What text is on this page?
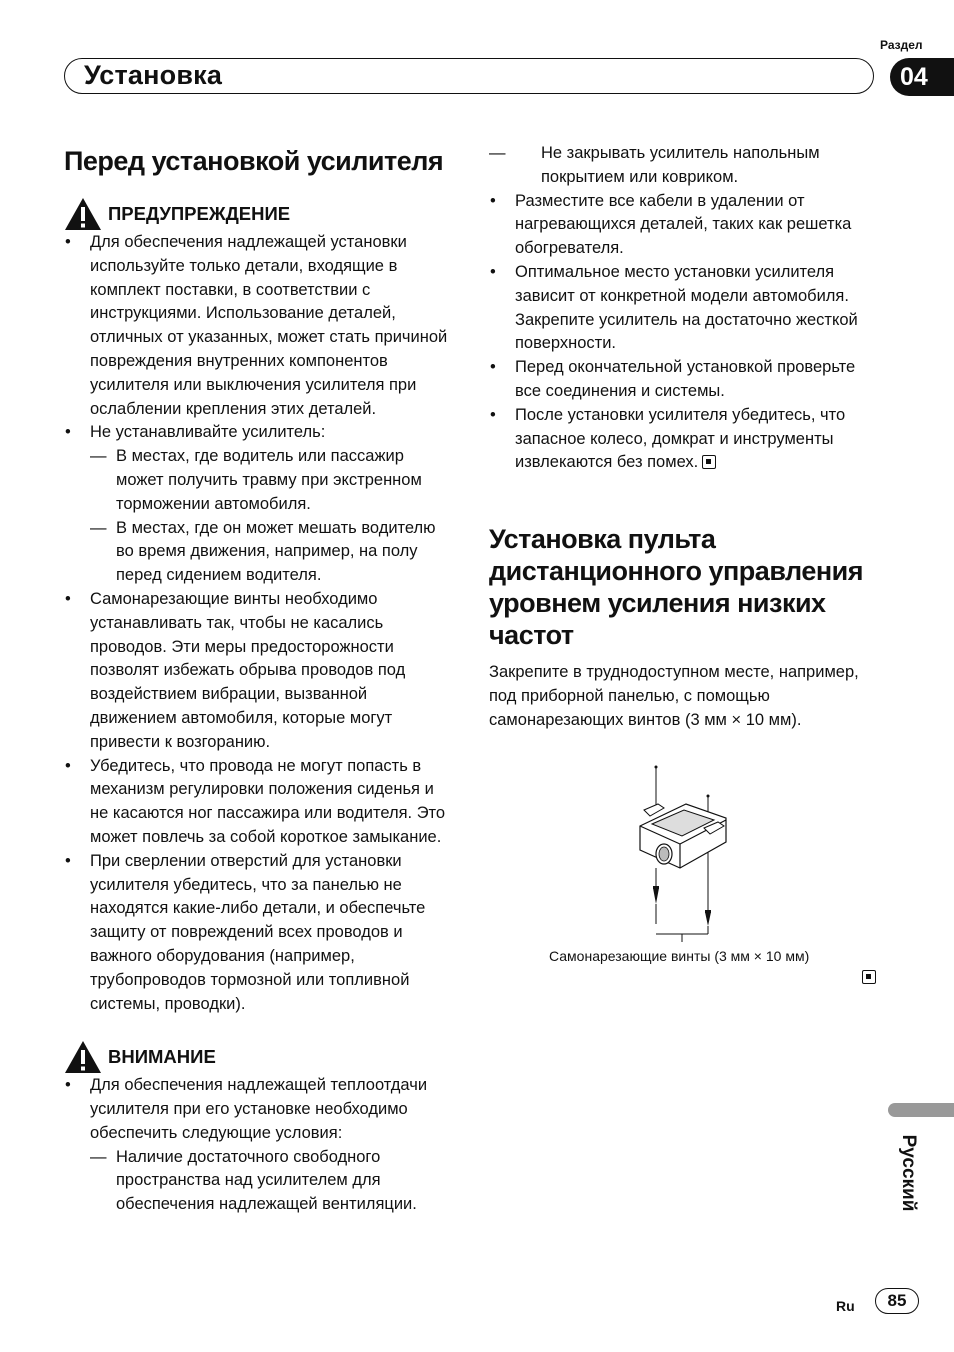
Раздел
Установка	04
Перед установкой усилителя
ПРЕДУПРЕЖДЕНИЕ
• Для обеспечения надлежащей установки используйте только детали, входящие в комплект поставки, в соответствии с инструкциями. Использование деталей, отличных от указанных, может стать причиной повреждения внутренних компонентов усилителя или выключения усилителя при ослаблении крепления этих деталей.
• Не устанавливайте усилитель:
— В местах, где водитель или пассажир может получить травму при экстренном торможении автомобиля.
— В местах, где он может мешать водителю во время движения, например, на полу перед сидением водителя.
• Самонарезающие винты необходимо устанавливать так, чтобы не касались проводов. Эти меры предосторожности позволят избежать обрыва проводов под воздействием вибрации, вызванной движением автомобиля, которые могут привести к возгоранию.
• Убедитесь, что провода не могут попасть в механизм регулировки положения сиденья и не касаются ног пассажира или водителя. Это может повлечь за собой короткое замыкание.
• При сверлении отверстий для установки усилителя убедитесь, что за панелью не находятся какие-либо детали, и обеспечьте защиту от повреждений всех проводов и важного оборудования (например, трубопроводов тормозной или топливной системы, проводки).
ВНИМАНИЕ
• Для обеспечения надлежащей теплоотдачи усилителя при его установке необходимо обеспечить следующие условия:
— Наличие достаточного свободного пространства над усилителем для обеспечения надлежащей вентиляции.
— Не закрывать усилитель напольным покрытием или ковриком.
• Разместите все кабели в удалении от нагревающихся деталей, таких как решетка обогревателя.
• Оптимальное место установки усилителя зависит от конкретной модели автомобиля. Закрепите усилитель на достаточно жесткой поверхности.
• Перед окончательной установкой проверьте все соединения и системы.
• После установки усилителя убедитесь, что запасное колесо, домкрат и инструменты извлекаются без помех.
Установка пульта дистанционного управления уровнем усиления низких частот

Закрепите в труднодоступном месте, например, под приборной панелью, с помощью самонарезающих винтов (3 мм × 10 мм).

Самонарезающие винты (3 мм × 10 мм)
Русский
Ru	85
